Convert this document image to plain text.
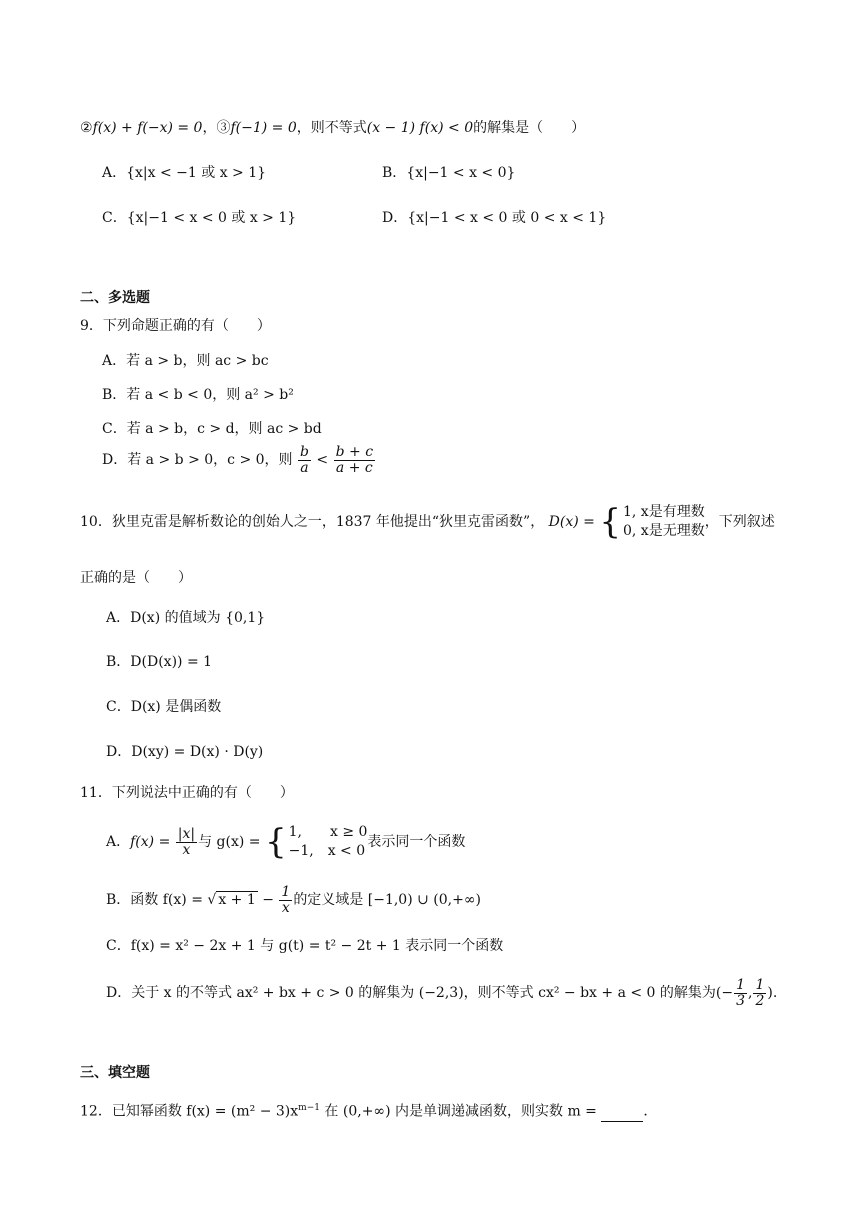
②f(x) + f(−x) = 0，③f(−1) = 0，则不等式(x − 1) f(x) < 0的解集是（　　）
A．{x|x < −1 或 x > 1}	B．{x|−1 < x < 0}
C．{x|−1 < x < 0 或 x > 1}	D．{x|−1 < x < 0 或 0 < x < 1}
二、多选题
9．下列命题正确的有（　　）
A．若 a > b，则 ac > bc
B．若 a < b < 0，则 a² > b²
C．若 a > b，c > d，则 ac > bd
D．若 a > b > 0，c > 0，则 $\frac{b}{a} < \frac{b + c}{a + c}$
10．狄里克雷是解析数论的创始人之一，1837 年他提出“狄里克雷函数”， D(x) = { 1, x是有理数
0, x是无理数
，下列叙述
正确的是（　　）
A．D(x) 的值域为 {0,1}
B．D(D(x)) = 1
C．D(x) 是偶函数
D．D(xy) = D(x) · D(y)
11．下列说法中正确的有（　　）
A．$f(x) = \frac{|x|}{x}$ 与 g(x) = { 1,　　x ≥ 0
−1,　x < 0
表示同一个函数
B．函数 f(x) = √ $x + 1 - \frac{1}{x}$ 的定义域是 [−1,0) ∪ (0,+∞)
C．f(x) = x² − 2x + 1 与 g(t) = t² − 2t + 1 表示同一个函数
D．关于 x 的不等式 ax² + bx + c > 0 的解集为 (−2,3)，则不等式 cx² − bx + a < 0 的解集为(− $\frac{1}{3}$ , $\frac{1}{2}$ ).
三、填空题
12．已知幂函数 $f(x) = (m^2 - 3)x^{m-1}$ 在 (0,+∞) 内是单调递减函数，则实数 m =	．
